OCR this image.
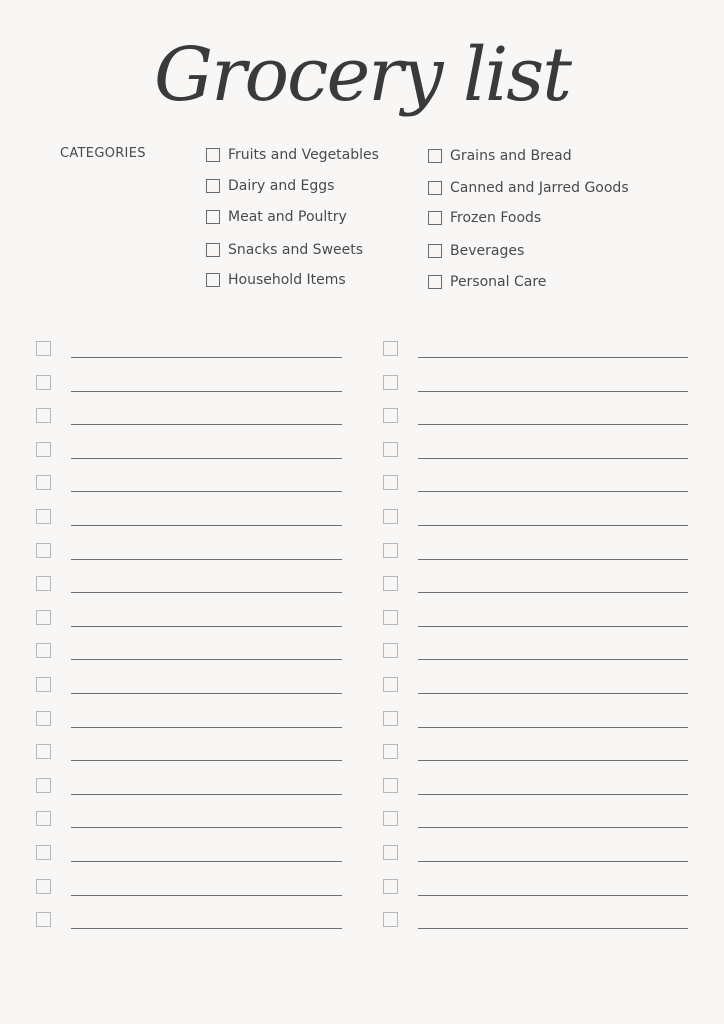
Grocery list
CATEGORIES	Fruits and Vegetables
Dairy and Eggs
Meat and Poultry
Snacks and Sweets
Household Items
Grains and Bread
Canned and Jarred Goods
Frozen Foods
Beverages
Personal Care
